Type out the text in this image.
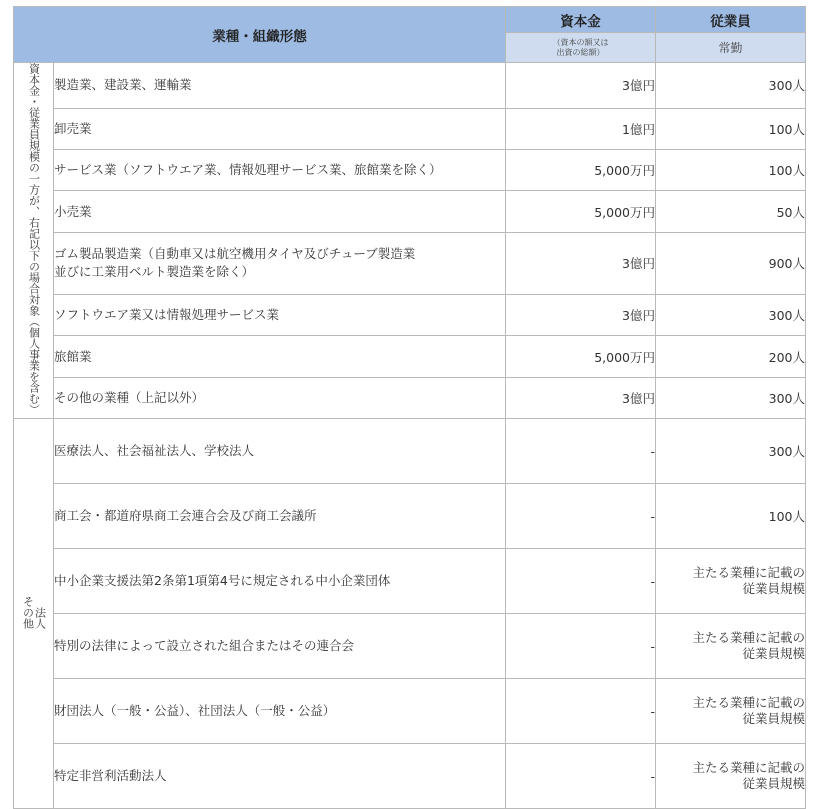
業種・組織形態		資本金	従業員

		（資本の額又は
出資の総額）	常勤
資本金・従業員規模の一方が、右記以下の場合対象（個人事業を含む）	製造業、建設業、運輸業	3億円	300人
	卸売業	1億円	100人
	サービス業（ソフトウエア業、情報処理サービス業、旅館業を除く）	5,000万円	100人
	小売業	5,000万円	50人

	ゴム製品製造業（自動車又は航空機用タイヤ及びチューブ製造業
並びに工業用ベルト製造業を除く）	3億円	900人
	ソフトウエア業又は情報処理サービス業	3億円	300人
	旅館業	5,000万円	200人
	その他の業種（上記以外）	3億円	300人
その他法人	医療法人、社会福祉法人、学校法人	-	300人
	商工会・都道府県商工会連合会及び商工会議所	-	100人
	中小企業支援法第2条第1項第4号に規定される中小企業団体	-	主たる業種に記載の
従業員規模

	特別の法律によって設立された組合またはその連合会	-	主たる業種に記載の
従業員規模

	財団法人（一般・公益）、社団法人（一般・公益）	-	主たる業種に記載の
従業員規模

	特定非営利活動法人	-	主たる業種に記載の
従業員規模
